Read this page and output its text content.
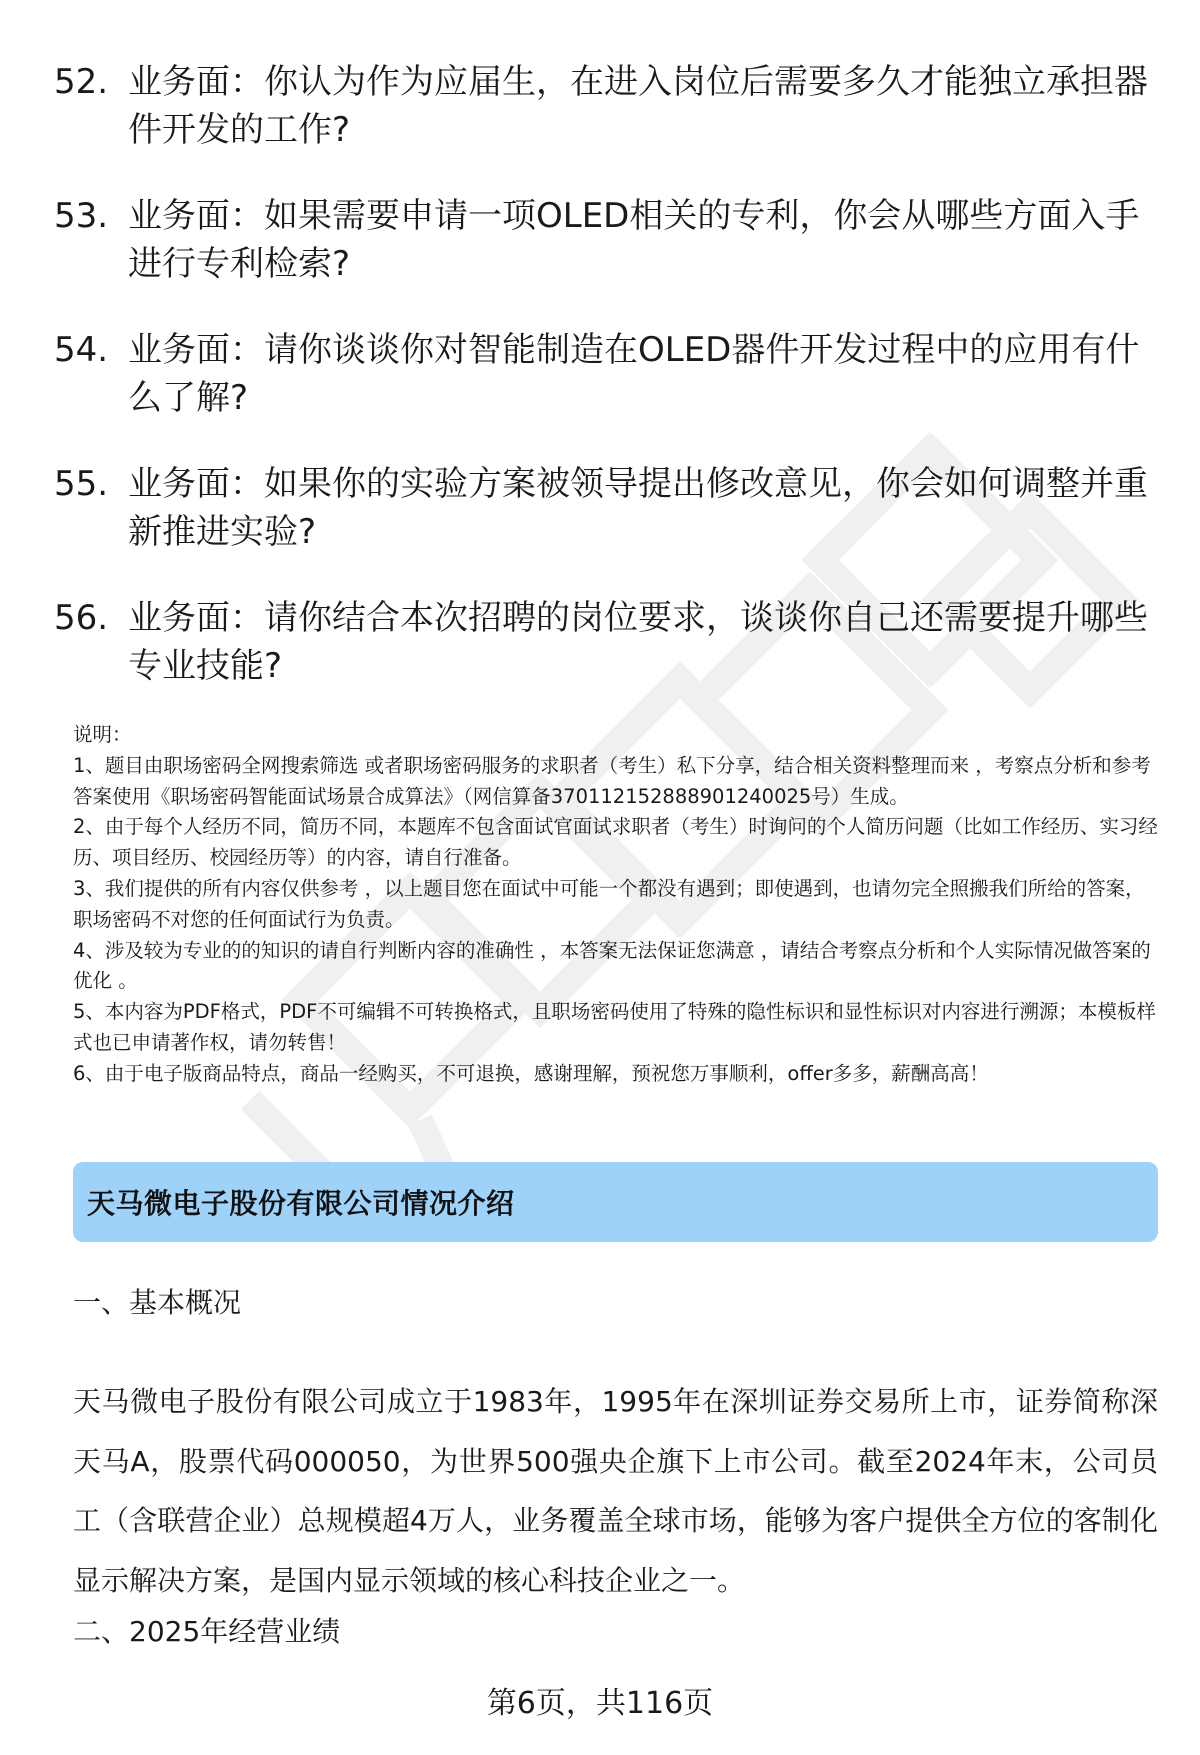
52. 业务面：你认为作为应届生，在进入岗位后需要多久才能独立承担器件开发的工作?
53. 业务面：如果需要申请一项OLED相关的专利，你会从哪些方面入手进行专利检索?
54. 业务面：请你谈谈你对智能制造在OLED器件开发过程中的应用有什么了解?
55. 业务面：如果你的实验方案被领导提出修改意见，你会如何调整并重新推进实验?
56. 业务面：请你结合本次招聘的岗位要求，谈谈你自己还需要提升哪些专业技能?
说明：
1、题目由职场密码全网搜索筛选 或者职场密码服务的求职者（考生）私下分享，结合相关资料整理而来 ，考察点分析和参考答案使用《职场密码智能面试场景合成算法》（网信算备370112152888901240025号）生成。
2、由于每个人经历不同，简历不同，本题库不包含面试官面试求职者（考生）时询问的个人简历问题（比如工作经历、实习经历、项目经历、校园经历等）的内容，请自行准备。
3、我们提供的所有内容仅供参考 ，以上题目您在面试中可能一个都没有遇到；即使遇到，也请勿完全照搬我们所给的答案，职场密码不对您的任何面试行为负责。
4、涉及较为专业的的知识的请自行判断内容的准确性 ，本答案无法保证您满意 ，请结合考察点分析和个人实际情况做答案的优化 。
5、本内容为PDF格式，PDF不可编辑不可转换格式，且职场密码使用了特殊的隐性标识和显性标识对内容进行溯源；本模板样式也已申请著作权，请勿转售！
6、由于电子版商品特点，商品一经购买，不可退换，感谢理解，预祝您万事顺利，offer多多，薪酬高高！
天马微电子股份有限公司情况介绍
一、基本概况
天马微电子股份有限公司成立于1983年，1995年在深圳证券交易所上市，证券简称深天马A，股票代码000050，为世界500强央企旗下上市公司。截至2024年末，公司员工（含联营企业）总规模超4万人，业务覆盖全球市场，能够为客户提供全方位的客制化显示解决方案，是国内显示领域的核心科技企业之一。
二、2025年经营业绩
第6页，共116页
